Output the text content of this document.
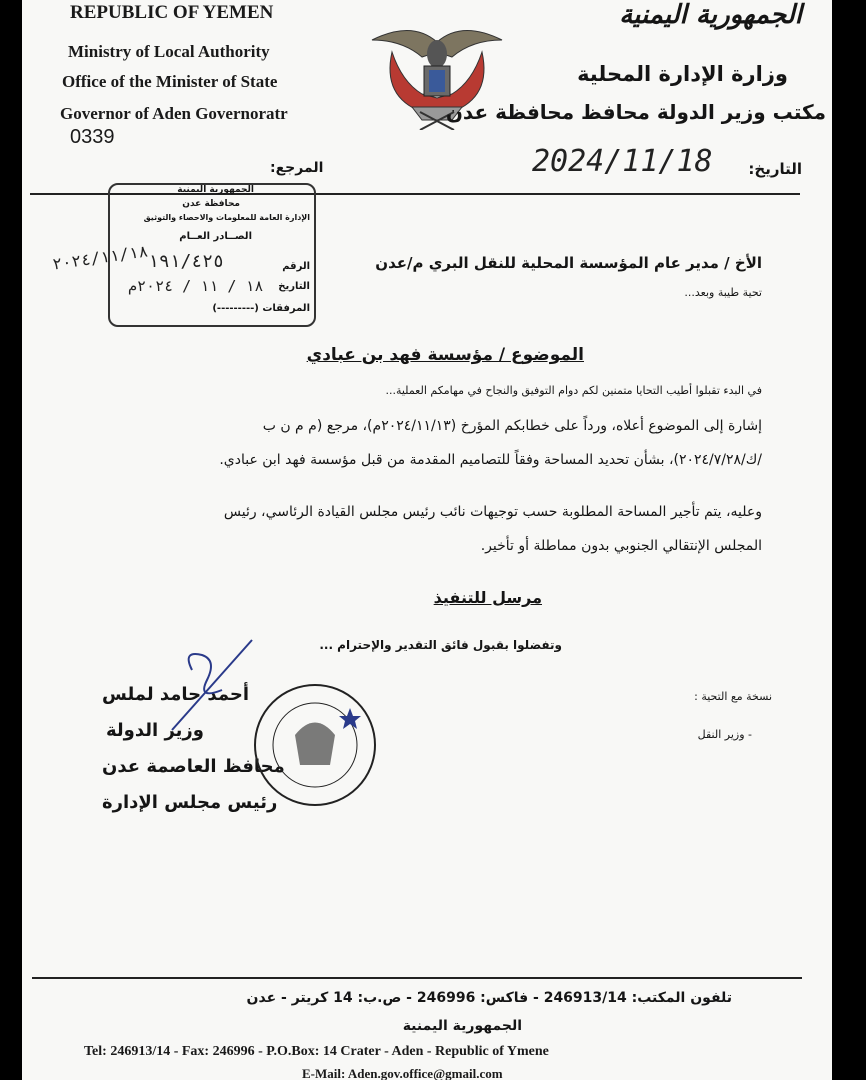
REPUBLIC OF YEMEN
Ministry of Local Authority
Office of the Minister of State
Governor of Aden Governoratr
0339
الجمهورية اليمنية
وزارة الإدارة المحلية
مكتب وزير الدولة محافظ محافظة عدن
التاريخ:
2024/11/18
المرجع:
الجمهورية اليمنية
محافظة عدن
الإدارة العامة للمعلومات والاحصاء والتوثيق
الصــادر العــام
الرقم
١٩١/٤٢٥
التاريخ
١٨ / ١١ / ٢٠٢٤م
المرفقات (---------)
٢٠٢٤/١١/١٨	الأخ / مدير عام المؤسسة المحلية للنقل البري م/عدن
تحية طيبة وبعد...
الموضوع / مؤسسة فهد بن عبادي
في البدء تقبلوا أطيب التحايا متمنين لكم دوام التوفيق والنجاح في مهامكم العملية...
إشارة إلى الموضوع أعلاه، ورداً على خطابكم المؤرخ (٢٠٢٤/١١/١٣م)، مرجع (م م ن ب
/ك/٢٠٢٤/٧/٢٨)، بشأن تحديد المساحة وفقاً للتصاميم المقدمة من قبل مؤسسة فهد ابن عبادي.
وعليه، يتم تأجير المساحة المطلوبة حسب توجيهات نائب رئيس مجلس القيادة الرئاسي، رئيس
المجلس الإنتقالي الجنوبي بدون مماطلة أو تأخير.
مرسل للتنفيذ
وتفضلوا بقبول فائق التقدير والإحترام ...
نسخة مع التحية :
- وزير النقل
أحمد حامد لملس
وزير الدولة
محافظ العاصمة عدن
رئيس مجلس الإدارة
تلفون المكتب: 246913/14 - فاكس: 246996 - ص.ب: 14 كريتر - عدن
الجمهورية اليمنية
Tel: 246913/14 - Fax: 246996 - P.O.Box: 14 Crater - Aden - Republic of Ymene
E-Mail: Aden.gov.office@gmail.com
